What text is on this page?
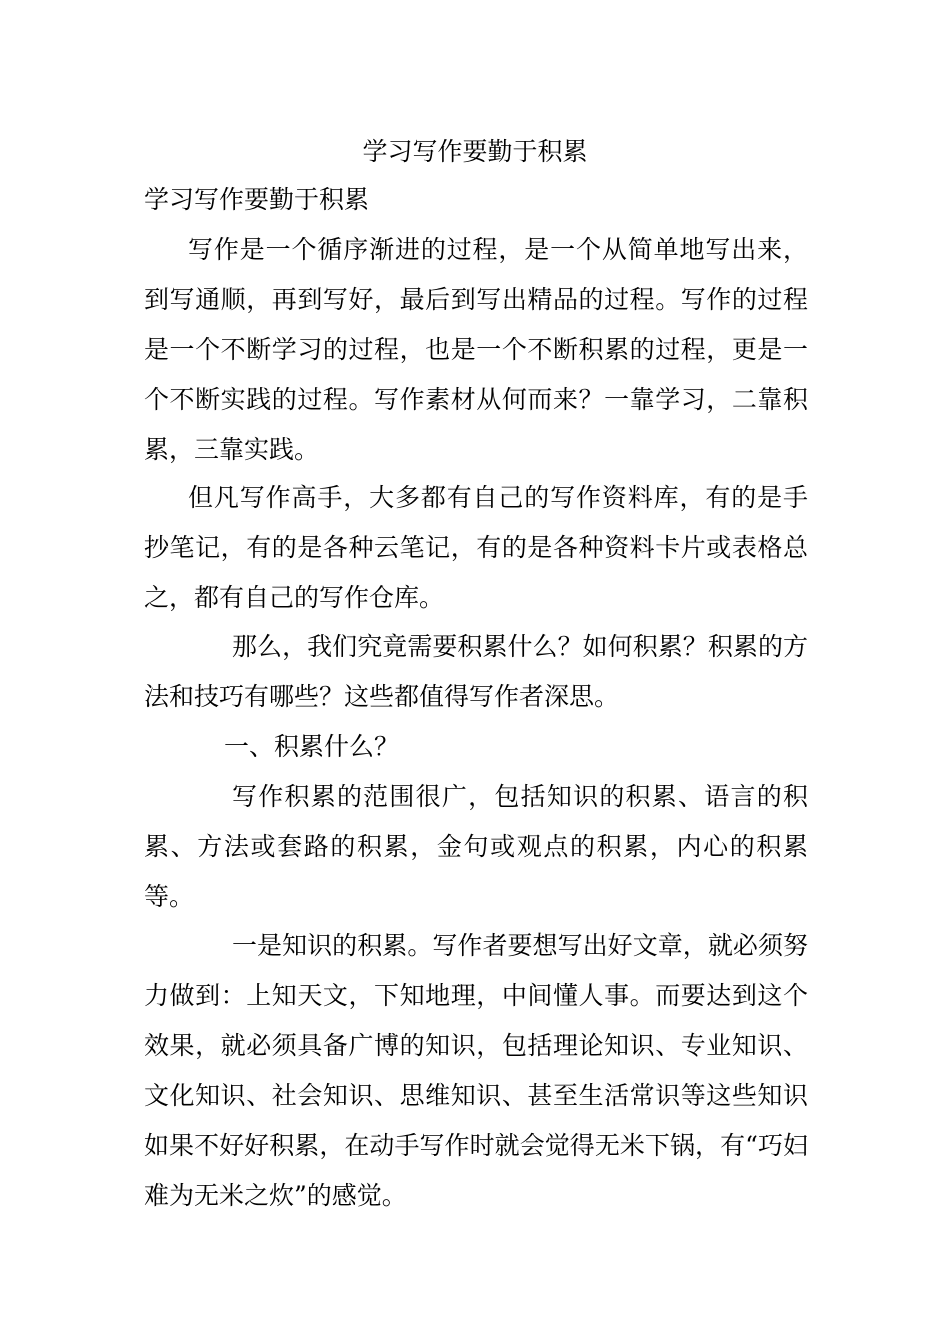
学习写作要勤于积累

学习写作要勤于积累

写作是一个循序渐进的过程，是一个从简单地写出来，到写通顺，再到写好，最后到写出精品的过程。写作的过程是一个不断学习的过程，也是一个不断积累的过程，更是一个不断实践的过程。写作素材从何而来？一靠学习，二靠积累，三靠实践。

但凡写作高手，大多都有自己的写作资料库，有的是手抄笔记，有的是各种云笔记，有的是各种资料卡片或表格总之，都有自己的写作仓库。

那么，我们究竟需要积累什么？如何积累？积累的方法和技巧有哪些？这些都值得写作者深思。

一、积累什么？

写作积累的范围很广，包括知识的积累、语言的积累、方法或套路的积累，金句或观点的积累，内心的积累等。

一是知识的积累。写作者要想写出好文章，就必须努力做到：上知天文，下知地理，中间懂人事。而要达到这个效果，就必须具备广博的知识，包括理论知识、专业知识、文化知识、社会知识、思维知识、甚至生活常识等这些知识如果不好好积累，在动手写作时就会觉得无米下锅，有“巧妇难为无米之炊”的感觉。
